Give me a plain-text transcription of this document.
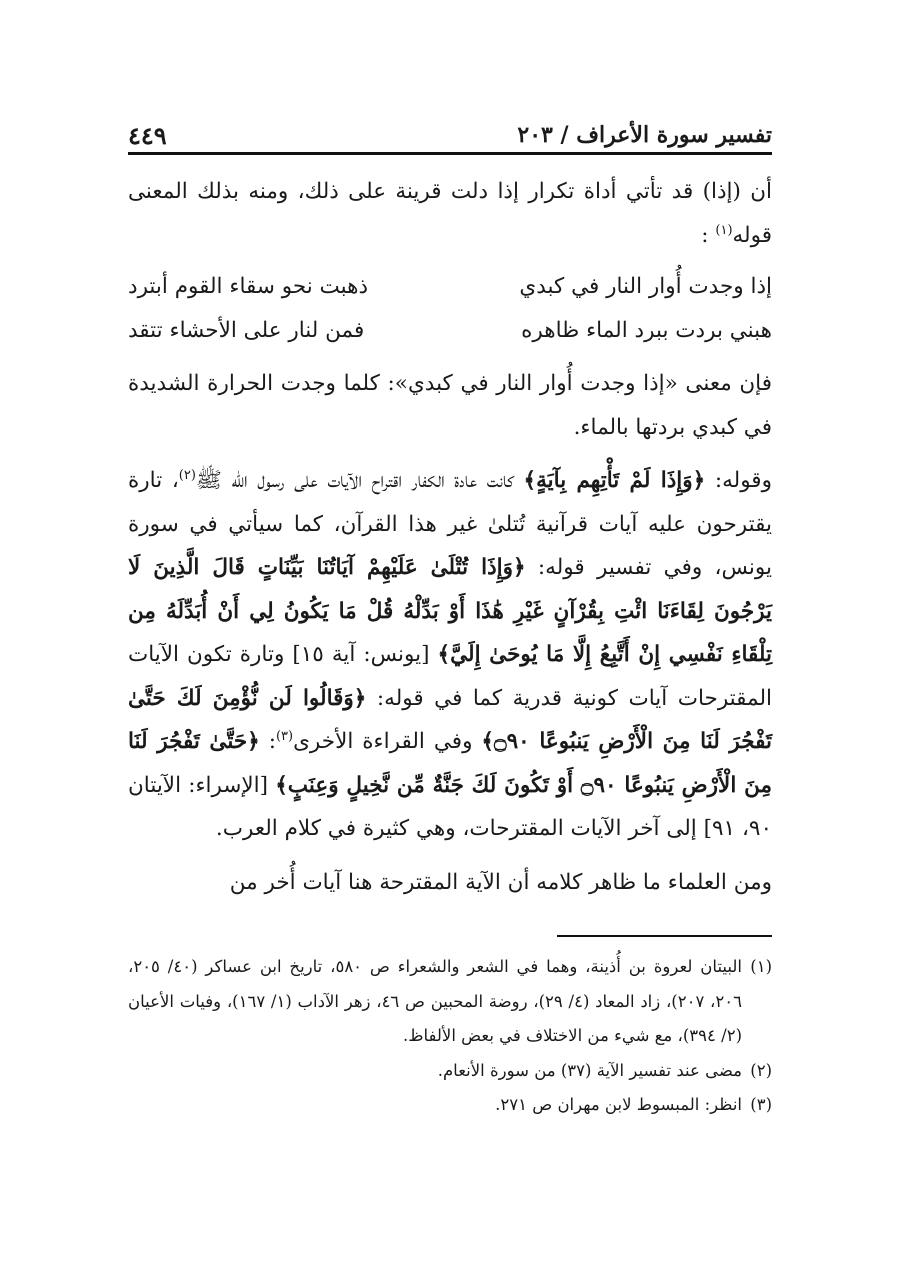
تفسير سورة الأعراف / ٢٠٣
٤٤٩

أن (إذا) قد تأتي أداة تكرار إذا دلت قرينة على ذلك، ومنه بذلك المعنى قوله$^{(١)}$ :

إذا وجدت أُوار النار في كبدي
ذهبت نحو سقاء القوم أبترد

هبني بردت ببرد الماء ظاهره
فمن لنار على الأحشاء تتقد

فإن معنى «إذا وجدت أُوار النار في كبدي»: كلما وجدت الحرارة الشديدة في كبدي بردتها بالماء.

وقوله: ﴿وَإِذَا لَمْ تَأْتِهِم بِآيَةٍ﴾ كانت عادة الكفار اقتراح الآيات على رسول الله ﷺ$^{(٢)}$، تارة يقترحون عليه آيات قرآنية تُتلىٰ غير هذا القرآن، كما سيأتي في سورة يونس، وفي تفسير قوله: ﴿وَإِذَا تُتْلَىٰ عَلَيْهِمْ آيَاتُنَا بَيِّنَاتٍ قَالَ الَّذِينَ لَا يَرْجُونَ لِقَاءَنَا ائْتِ بِقُرْآنٍ غَيْرِ هَٰذَا أَوْ بَدِّلْهُ قُلْ مَا يَكُونُ لِي أَنْ أُبَدِّلَهُ مِن تِلْقَاءِ نَفْسِي إِنْ أَتَّبِعُ إِلَّا مَا يُوحَىٰ إِلَيَّ﴾ [يونس: آية ١٥] وتارة تكون الآيات المقترحات آيات كونية قدرية كما في قوله: ﴿وَقَالُوا لَن نُّؤْمِنَ لَكَ حَتَّىٰ تَفْجُرَ لَنَا مِنَ الْأَرْضِ يَنبُوعًا ۝٩٠﴾ وفي القراءة الأخرى$^{(٣)}$: ﴿حَتَّىٰ تَفْجُرَ لَنَا مِنَ الْأَرْضِ يَنبُوعًا ۝٩٠ أَوْ تَكُونَ لَكَ جَنَّةٌ مِّن نَّخِيلٍ وَعِنَبٍ﴾ [الإسراء: الآيتان ٩٠، ٩١] إلى آخر الآيات المقترحات، وهي كثيرة في كلام العرب.

ومن العلماء ما ظاهر كلامه أن الآية المقترحة هنا آيات أُخر من

(١)
البيتان لعروة بن أُذينة، وهما في الشعر والشعراء ص ٥٨٠، تاريخ ابن عساكر (٤٠/ ٢٠٥، ٢٠٦، ٢٠٧)، زاد المعاد (٤/ ٢٩)، روضة المحبين ص ٤٦، زهر الآداب (١/ ١٦٧)، وفيات الأعيان (٢/ ٣٩٤)، مع شيء من الاختلاف في بعض الألفاظ.

(٢)
مضى عند تفسير الآية (٣٧) من سورة الأنعام.

(٣)
انظر: المبسوط لابن مهران ص ٢٧١.
